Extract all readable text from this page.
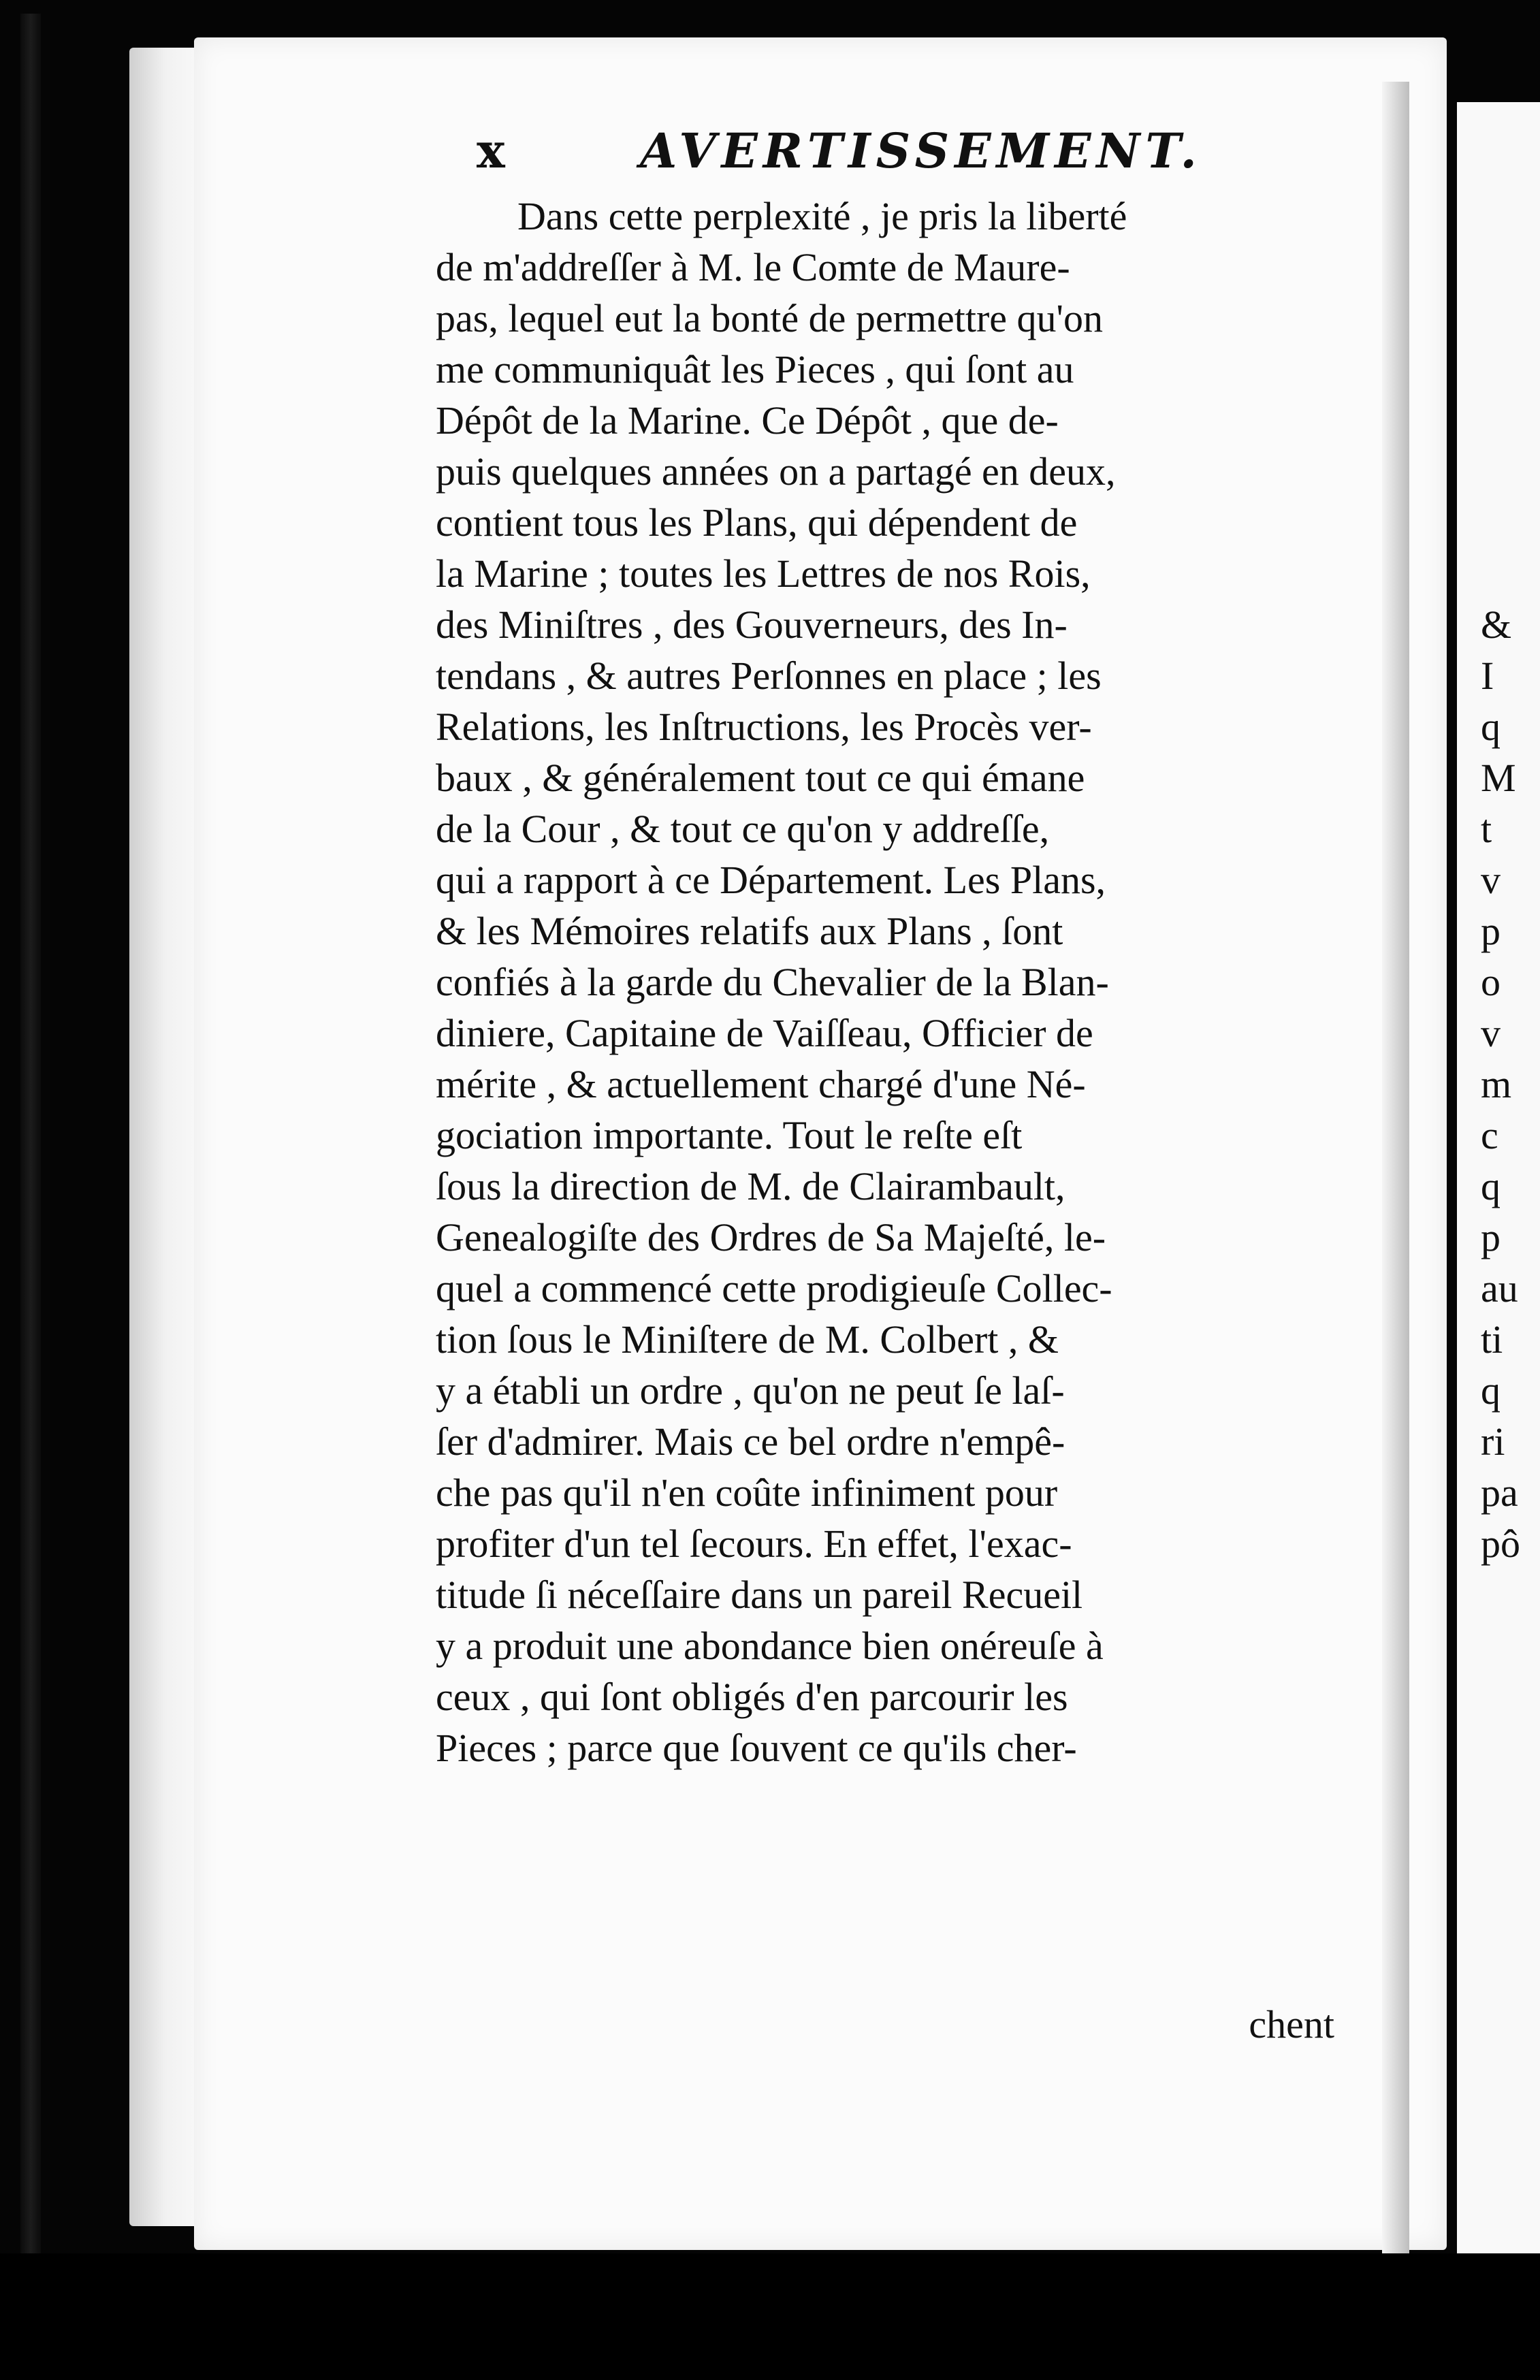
x	AVERTISSEMENT.
Dans cette perplexité , je pris la liberté
de m'addreſſer à M. le Comte de Maure-
pas, lequel eut la bonté de permettre qu'on
me communiquât les Pieces , qui ſont au
Dépôt de la Marine. Ce Dépôt , que de-
puis quelques années on a partagé en deux,
contient tous les Plans, qui dépendent de
la Marine ; toutes les Lettres de nos Rois,
des Miniſtres , des Gouverneurs, des In-
tendans , & autres Perſonnes en place ; les
Relations, les Inſtructions, les Procès ver-
baux , & généralement tout ce qui émane
de la Cour , & tout ce qu'on y addreſſe,
qui a rapport à ce Département. Les Plans,
& les Mémoires relatifs aux Plans , ſont
confiés à la garde du Chevalier de la Blan-
diniere, Capitaine de Vaiſſeau, Officier de
mérite , & actuellement chargé d'une Né-
gociation importante. Tout le reſte eſt
ſous la direction de M. de Clairambault,
Genealogiſte des Ordres de Sa Majeſté, le-
quel a commencé cette prodigieuſe Collec-
tion ſous le Miniſtere de M. Colbert , &
y a établi un ordre , qu'on ne peut ſe laſ-
ſer d'admirer. Mais ce bel ordre n'empê-
che pas qu'il n'en coûte infiniment pour
profiter d'un tel ſecours. En effet, l'exac-
titude ſi néceſſaire dans un pareil Recueil
y a produit une abondance bien onéreuſe à
ceux , qui ſont obligés d'en parcourir les
Pieces ; parce que ſouvent ce qu'ils cher-
chent
&
I
q
M
t
v
p
o
v
m
c
q
p
au
ti
q
ri
pa
pô
